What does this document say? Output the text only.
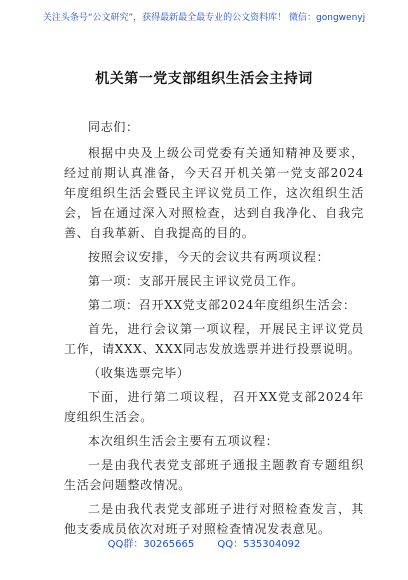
关注头条号“公文研究”，获得最新最全最专业的公文资料库！ 微信：gongwenyj
机关第一党支部组织生活会主持词
同志们：

根据中央及上级公司党委有关通知精神及要求，经过前期认真准备，今天召开机关第一党支部2024年度组织生活会暨民主评议党员工作，这次组织生活会，旨在通过深入对照检查，达到自我净化、自我完善、自我革新、自我提高的目的。

按照会议安排，今天的会议共有两项议程：

第一项：支部开展民主评议党员工作。

第二项：召开XX党支部2024年度组织生活会：

首先，进行会议第一项议程，开展民主评议党员工作，请XXX、XXX同志发放选票并进行投票说明。

（收集选票完毕）

下面，进行第二项议程，召开XX党支部2024年度组织生活会。

本次组织生活会主要有五项议程：

一是由我代表党支部班子通报主题教育专题组织生活会问题整改情况。

二是由我代表党支部班子进行对照检查发言，其他支委成员依次对班子对照检查情况发表意见。

QQ群：30265665 QQ：535304092
